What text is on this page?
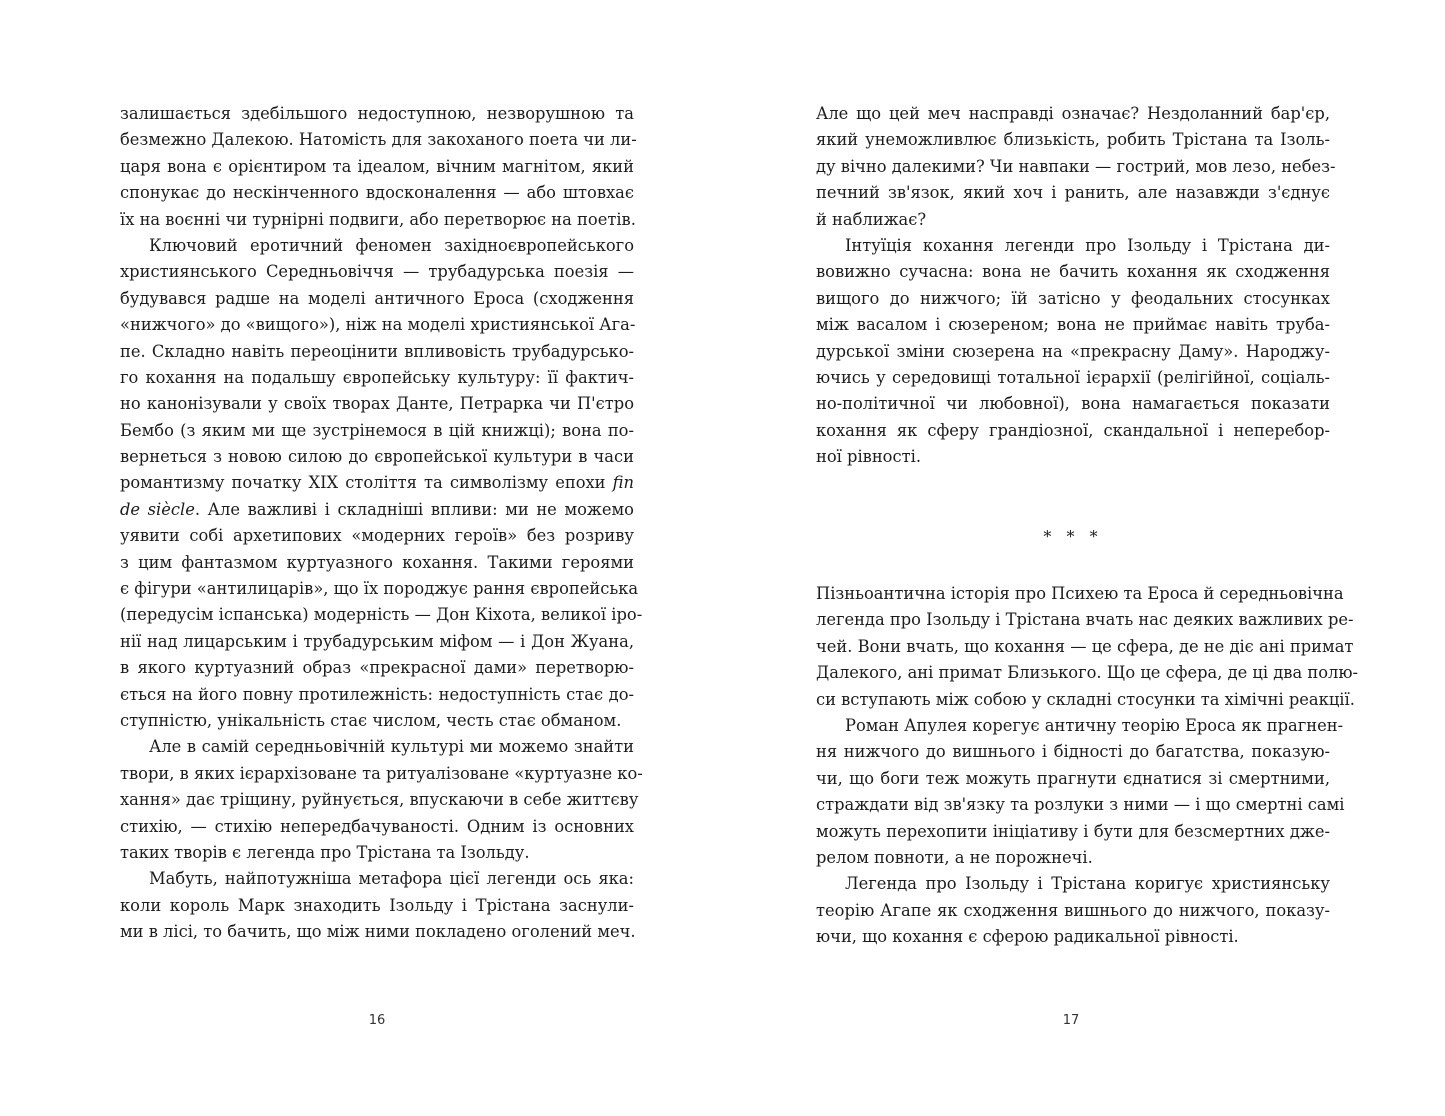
залишається здебільшого недоступною, незворушною та
безмежно Далекою. Натомість для закоханого поета чи ли-
царя вона є орієнтиром та ідеалом, вічним магнітом, який
спонукає до нескінченного вдосконалення — або штовхає
їх на воєнні чи турнірні подвиги, або перетворює на поетів.
Ключовий еротичний феномен західноєвропейського
християнського Середньовіччя — трубадурська поезія —
будувався радше на моделі античного Ероса (сходження
«нижчого» до «вищого»), ніж на моделі християнської Ага-
пе. Складно навіть переоцінити впливовість трубадурсько-
го кохання на подальшу європейську культуру: її фактич-
но канонізували у своїх творах Данте, Петрарка чи П'єтро
Бембо (з яким ми ще зустрінемося в цій книжці); вона по-
вернеться з новою силою до європейської культури в часи
романтизму початку XIX століття та символізму епохи fin
de siècle. Але важливі і складніші впливи: ми не можемо
уявити собі архетипових «модерних героїв» без розриву
з цим фантазмом куртуазного кохання. Такими героями
є фігури «антилицарів», що їх породжує рання європейська
(передусім іспанська) модерність — Дон Кіхота, великої іро-
нії над лицарським і трубадурським міфом — і Дон Жуана,
в якого куртуазний образ «прекрасної дами» перетворю-
ється на його повну протилежність: недоступність стає до-
ступністю, унікальність стає числом, честь стає обманом.
Але в самій середньовічній культурі ми можемо знайти
твори, в яких ієрархізоване та ритуалізоване «куртуазне ко-
хання» дає тріщину, руйнується, впускаючи в себе життєву
стихію, — стихію непередбачуваності. Одним із основних
таких творів є легенда про Трістана та Ізольду.
Мабуть, найпотужніша метафора цієї легенди ось яка:
коли король Марк знаходить Ізольду і Трістана заснули-
ми в лісі, то бачить, що між ними покладено оголений меч.
Але що цей меч насправді означає? Нездоланний бар'єр,
який унеможливлює близькість, робить Трістана та Ізоль-
ду вічно далекими? Чи навпаки — гострий, мов лезо, небез-
печний зв'язок, який хоч і ранить, але назавжди з'єднує
й наближає?
Інтуїція кохання легенди про Ізольду і Трістана ди-
вовижно сучасна: вона не бачить кохання як сходження
вищого до нижчого; їй затісно у феодальних стосунках
між васалом і сюзереном; вона не приймає навіть труба-
дурської зміни сюзерена на «прекрасну Даму». Народжу-
ючись у середовищі тотальної ієрархії (релігійної, соціаль-
но-політичної чи любовної), вона намагається показати
кохання як сферу грандіозної, скандальної і неперебор-
ної рівності.
* * *
Пізньоантична історія про Психею та Ероса й середньовічна
легенда про Ізольду і Трістана вчать нас деяких важливих ре-
чей. Вони вчать, що кохання — це сфера, де не діє ані примат
Далекого, ані примат Близького. Що це сфера, де ці два полю-
си вступають між собою у складні стосунки та хімічні реакції.
Роман Апулея корегує античну теорію Ероса як прагнен-
ня нижчого до вишнього і бідності до багатства, показую-
чи, що боги теж можуть прагнути єднатися зі смертними,
страждати від зв'язку та розлуки з ними — і що смертні самі
можуть перехопити ініціативу і бути для безсмертних дже-
релом повноти, а не порожнечі.
Легенда про Ізольду і Трістана коригує християнську
теорію Агапе як сходження вишнього до нижчого, показу-
ючи, що кохання є сферою радикальної рівності.
16	17
